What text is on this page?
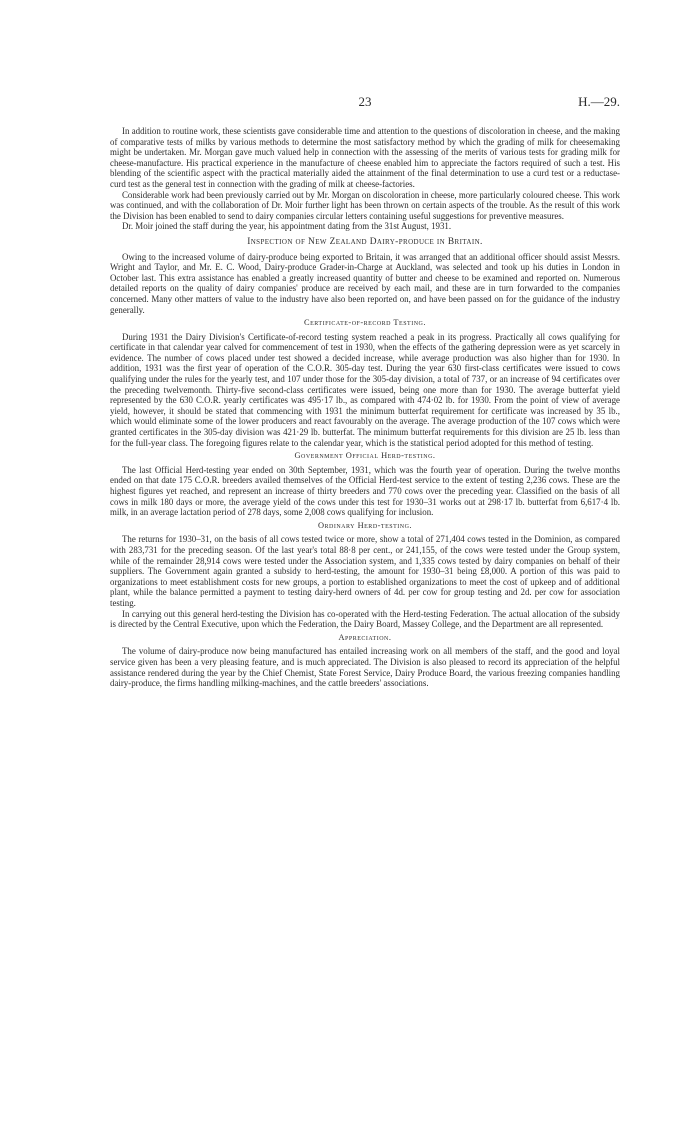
23	H.—29.

In addition to routine work, these scientists gave considerable time and attention to the questions of discoloration in cheese, and the making of comparative tests of milks by various methods to determine the most satisfactory method by which the grading of milk for cheesemaking might be undertaken. Mr. Morgan gave much valued help in connection with the assessing of the merits of various tests for grading milk for cheese-manufacture. His practical experience in the manufacture of cheese enabled him to appreciate the factors required of such a test. His blending of the scientific aspect with the practical materially aided the attainment of the final determination to use a curd test or a reductase-curd test as the general test in connection with the grading of milk at cheese-factories.

Considerable work had been previously carried out by Mr. Morgan on discoloration in cheese, more particularly coloured cheese. This work was continued, and with the collaboration of Dr. Moir further light has been thrown on certain aspects of the trouble. As the result of this work the Division has been enabled to send to dairy companies circular letters containing useful suggestions for preventive measures.

Dr. Moir joined the staff during the year, his appointment dating from the 31st August, 1931.

Inspection of New Zealand Dairy-produce in Britain.

Owing to the increased volume of dairy-produce being exported to Britain, it was arranged that an additional officer should assist Messrs. Wright and Taylor, and Mr. E. C. Wood, Dairy-produce Grader-in-Charge at Auckland, was selected and took up his duties in London in October last. This extra assistance has enabled a greatly increased quantity of butter and cheese to be examined and reported on. Numerous detailed reports on the quality of dairy companies' produce are received by each mail, and these are in turn forwarded to the companies concerned. Many other matters of value to the industry have also been reported on, and have been passed on for the guidance of the industry generally.

Certificate-of-record Testing.

During 1931 the Dairy Division's Certificate-of-record testing system reached a peak in its progress. Practically all cows qualifying for certificate in that calendar year calved for commencement of test in 1930, when the effects of the gathering depression were as yet scarcely in evidence. The number of cows placed under test showed a decided increase, while average production was also higher than for 1930. In addition, 1931 was the first year of operation of the C.O.R. 305-day test. During the year 630 first-class certificates were issued to cows qualifying under the rules for the yearly test, and 107 under those for the 305-day division, a total of 737, or an increase of 94 certificates over the preceding twelvemonth. Thirty-five second-class certificates were issued, being one more than for 1930. The average butterfat yield represented by the 630 C.O.R. yearly certificates was 495·17 lb., as compared with 474·02 lb. for 1930. From the point of view of average yield, however, it should be stated that commencing with 1931 the minimum butterfat requirement for certificate was increased by 35 lb., which would eliminate some of the lower producers and react favourably on the average. The average production of the 107 cows which were granted certificates in the 305-day division was 421·29 lb. butterfat. The minimum butterfat requirements for this division are 25 lb. less than for the full-year class. The foregoing figures relate to the calendar year, which is the statistical period adopted for this method of testing.

Government Official Herd-testing.

The last Official Herd-testing year ended on 30th September, 1931, which was the fourth year of operation. During the twelve months ended on that date 175 C.O.R. breeders availed themselves of the Official Herd-test service to the extent of testing 2,236 cows. These are the highest figures yet reached, and represent an increase of thirty breeders and 770 cows over the preceding year. Classified on the basis of all cows in milk 180 days or more, the average yield of the cows under this test for 1930–31 works out at 298·17 lb. butterfat from 6,617·4 lb. milk, in an average lactation period of 278 days, some 2,008 cows qualifying for inclusion.

Ordinary Herd-testing.

The returns for 1930–31, on the basis of all cows tested twice or more, show a total of 271,404 cows tested in the Dominion, as compared with 283,731 for the preceding season. Of the last year's total 88·8 per cent., or 241,155, of the cows were tested under the Group system, while of the remainder 28,914 cows were tested under the Association system, and 1,335 cows tested by dairy companies on behalf of their suppliers. The Government again granted a subsidy to herd-testing, the amount for 1930–31 being £8,000. A portion of this was paid to organizations to meet establishment costs for new groups, a portion to established organizations to meet the cost of upkeep and of additional plant, while the balance permitted a payment to testing dairy-herd owners of 4d. per cow for group testing and 2d. per cow for association testing.

In carrying out this general herd-testing the Division has co-operated with the Herd-testing Federation. The actual allocation of the subsidy is directed by the Central Executive, upon which the Federation, the Dairy Board, Massey College, and the Department are all represented.

Appreciation.

The volume of dairy-produce now being manufactured has entailed increasing work on all members of the staff, and the good and loyal service given has been a very pleasing feature, and is much appreciated. The Division is also pleased to record its appreciation of the helpful assistance rendered during the year by the Chief Chemist, State Forest Service, Dairy Produce Board, the various freezing companies handling dairy-produce, the firms handling milking-machines, and the cattle breeders' associations.
